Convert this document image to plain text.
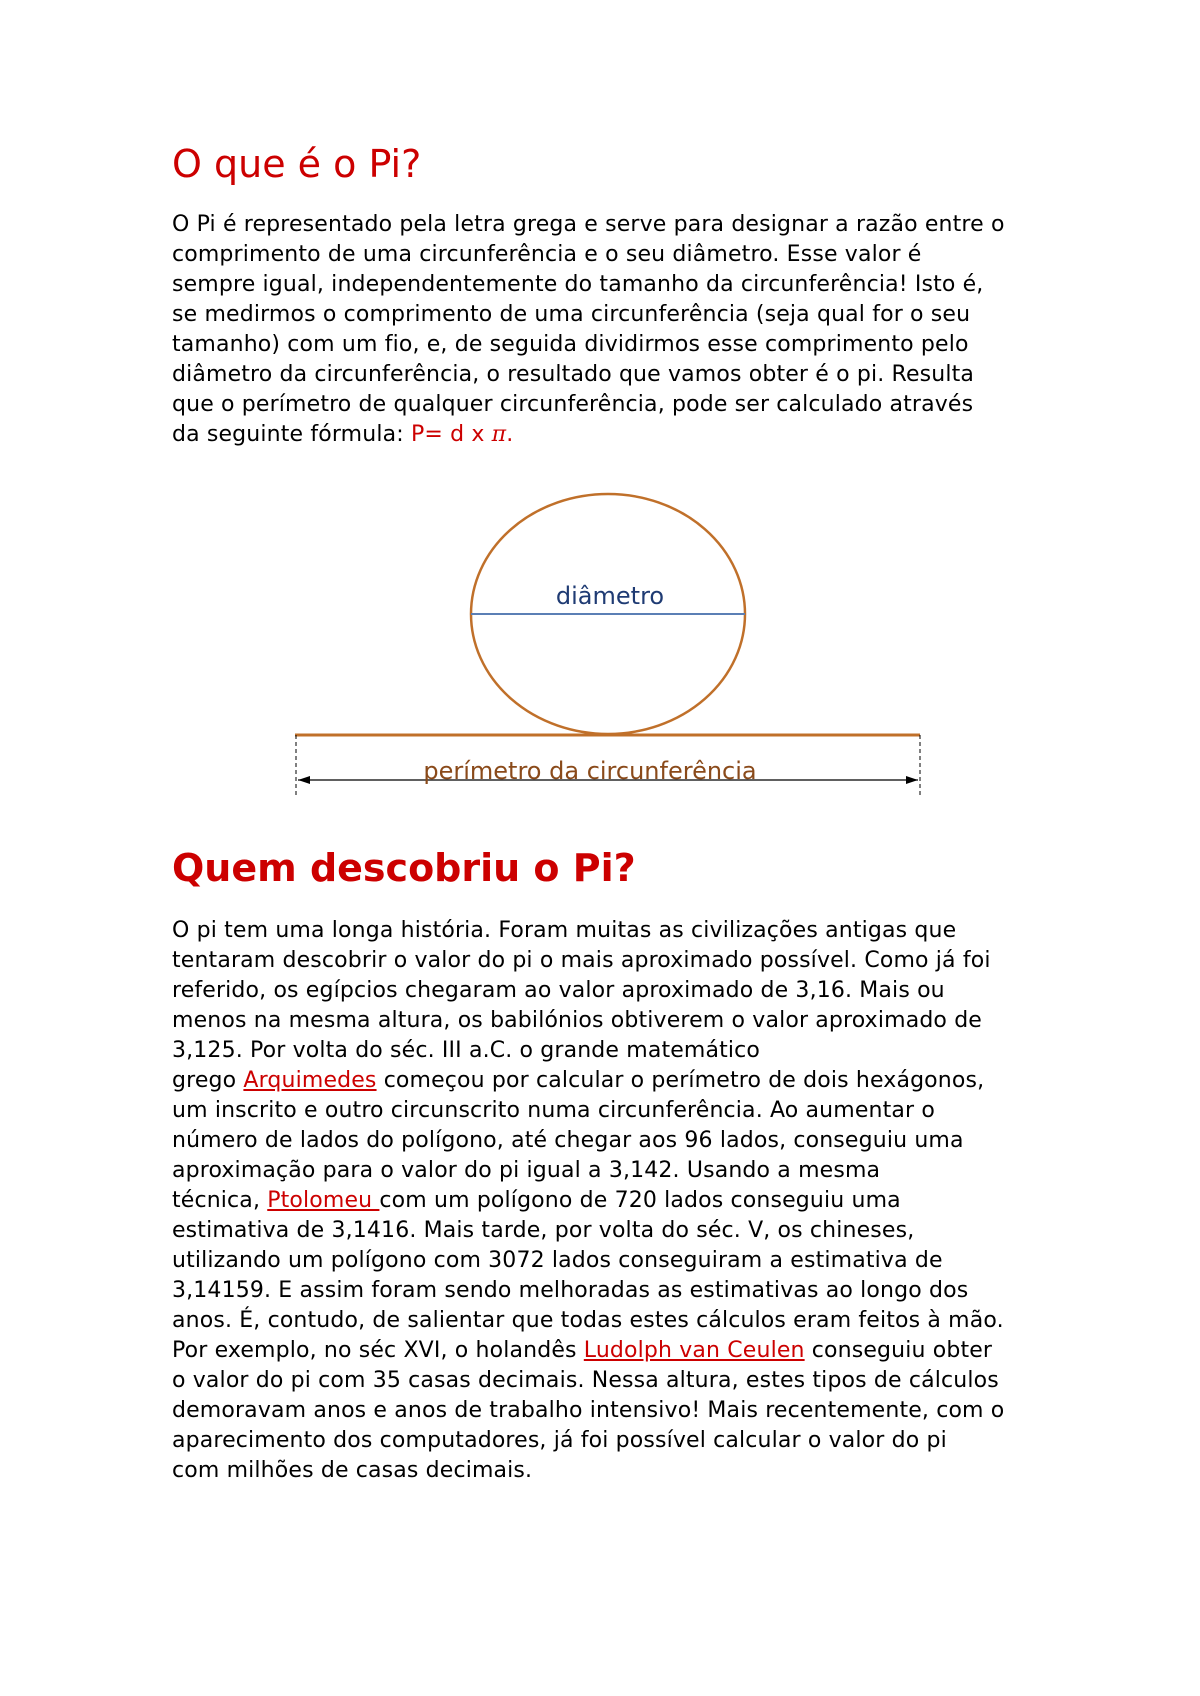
O que é o Pi?
O Pi é representado pela letra grega e serve para designar a razão entre o
comprimento de uma circunferência e o seu diâmetro. Esse valor é
sempre igual, independentemente do tamanho da circunferência! Isto é,
se medirmos o comprimento de uma circunferência (seja qual for o seu
tamanho) com um fio, e, de seguida dividirmos esse comprimento pelo
diâmetro da circunferência, o resultado que vamos obter é o pi. Resulta
que o perímetro de qualquer circunferência, pode ser calculado através
da seguinte fórmula: P= d x π.
diâmetro
perímetro da circunferência
Quem descobriu o Pi?
O pi tem uma longa história. Foram muitas as civilizações antigas que
tentaram descobrir o valor do pi o mais aproximado possível. Como já foi
referido, os egípcios chegaram ao valor aproximado de 3,16. Mais ou
menos na mesma altura, os babilónios obtiverem o valor aproximado de
3,125. Por volta do séc. III a.C. o grande matemático
grego Arquimedes começou por calcular o perímetro de dois hexágonos,
um inscrito e outro circunscrito numa circunferência. Ao aumentar o
número de lados do polígono, até chegar aos 96 lados, conseguiu uma
aproximação para o valor do pi igual a 3,142. Usando a mesma
técnica, Ptolomeu com um polígono de 720 lados conseguiu uma
estimativa de 3,1416. Mais tarde, por volta do séc. V, os chineses,
utilizando um polígono com 3072 lados conseguiram a estimativa de
3,14159. E assim foram sendo melhoradas as estimativas ao longo dos
anos. É, contudo, de salientar que todas estes cálculos eram feitos à mão.
Por exemplo, no séc XVI, o holandês Ludolph van Ceulen conseguiu obter
o valor do pi com 35 casas decimais. Nessa altura, estes tipos de cálculos
demoravam anos e anos de trabalho intensivo! Mais recentemente, com o
aparecimento dos computadores, já foi possível calcular o valor do pi
com milhões de casas decimais.
